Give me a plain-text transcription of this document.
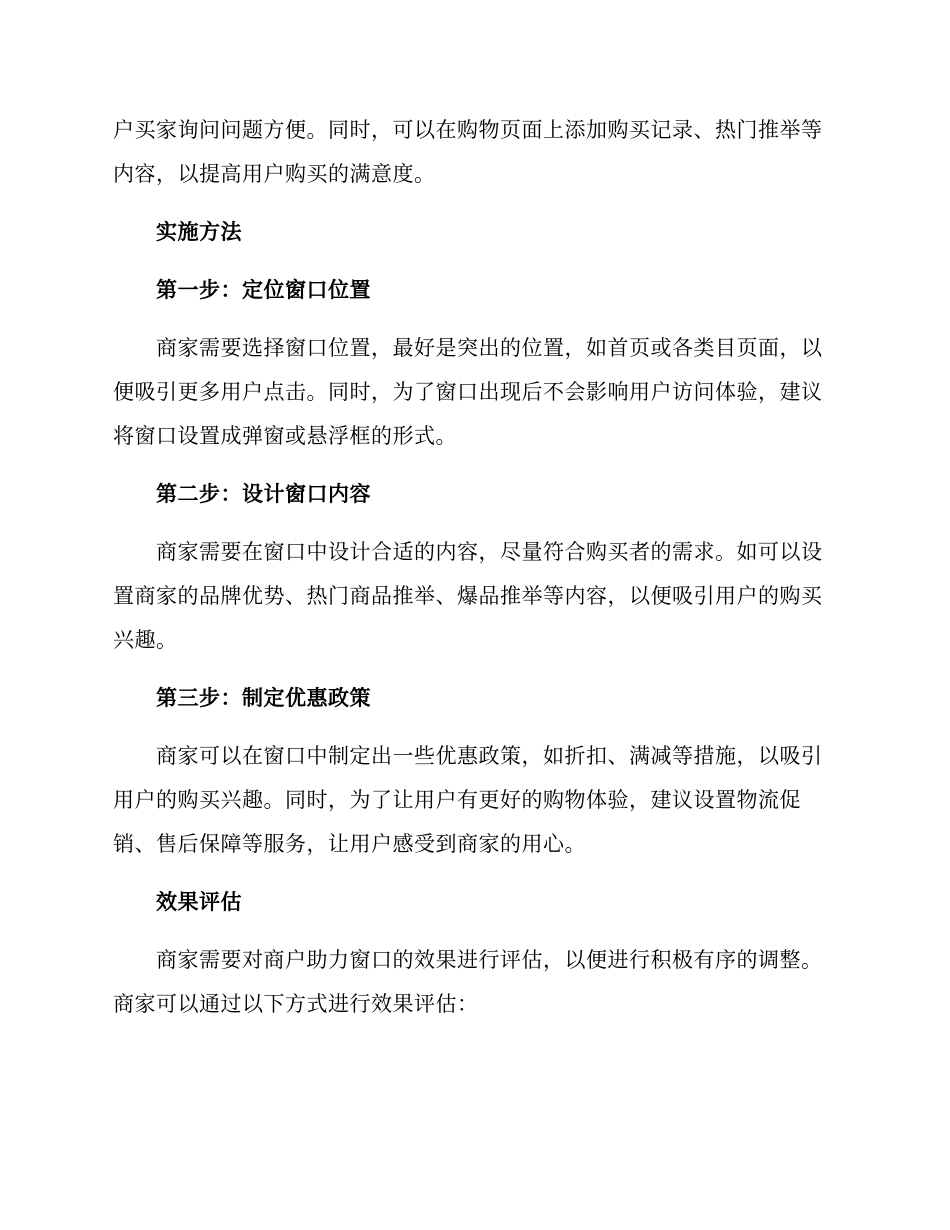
户买家询问问题方便。同时，可以在购物页面上添加购买记录、热门推举等内容，以提高用户购买的满意度。

实施方法

第一步：定位窗口位置

商家需要选择窗口位置，最好是突出的位置，如首页或各类目页面，以便吸引更多用户点击。同时，为了窗口出现后不会影响用户访问体验，建议将窗口设置成弹窗或悬浮框的形式。

第二步：设计窗口内容

商家需要在窗口中设计合适的内容，尽量符合购买者的需求。如可以设置商家的品牌优势、热门商品推举、爆品推举等内容，以便吸引用户的购买兴趣。

第三步：制定优惠政策

商家可以在窗口中制定出一些优惠政策，如折扣、满减等措施，以吸引用户的购买兴趣。同时，为了让用户有更好的购物体验，建议设置物流促销、售后保障等服务，让用户感受到商家的用心。

效果评估

商家需要对商户助力窗口的效果进行评估，以便进行积极有序的调整。商家可以通过以下方式进行效果评估：
